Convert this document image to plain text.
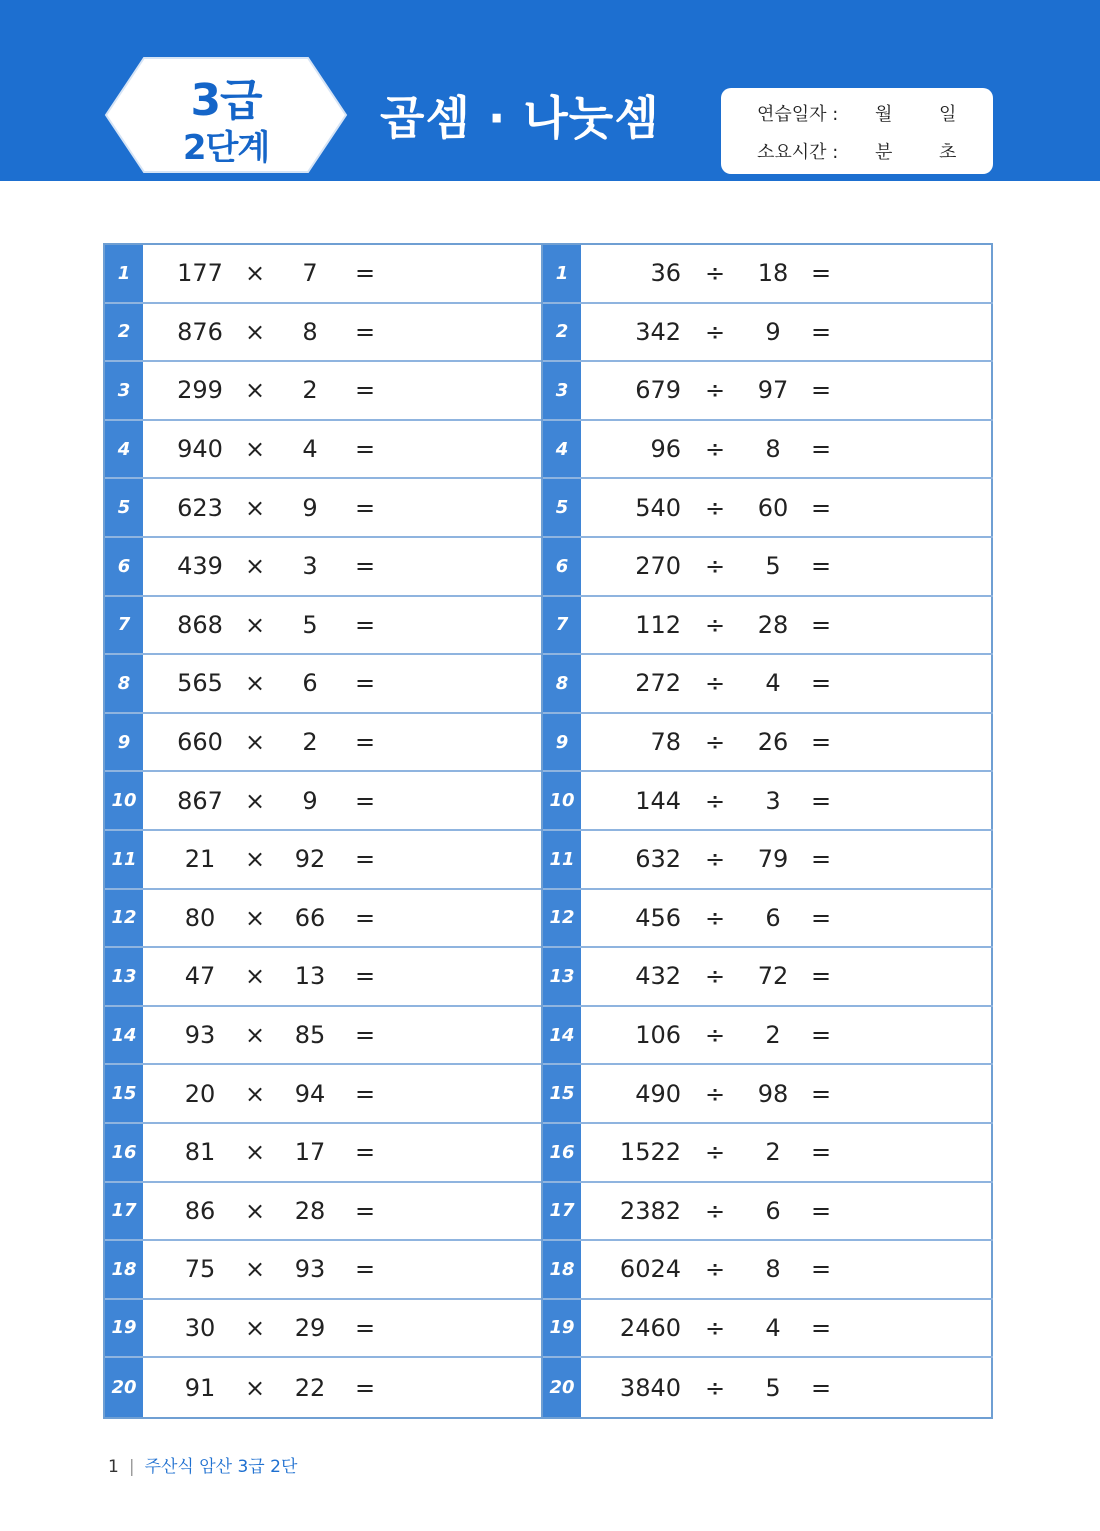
3급
2단계
곱셈 · 나눗셈	연습일자 : 월	일
소요시간 : 분	초
1	177 ×	7	=
2	876 ×	8	=
3	299 ×	2	=
4	940 ×	4	=
5	623 ×	9	=
6	439 ×	3	=
7	868 ×	5	=
8	565 ×	6	=
9	660 ×	2	=
10	867 ×	9	=
11	21	×	92	=
12	80	×	66	=
13	47	×	13	=
14	93	×	85	=
15	20	×	94	=
16	81	×	17	=
17	86	×	28	=
18	75	×	93	=
19	30	×	29	=
20	91	×	22	=
1	36 ÷	18 =
2	342 ÷	9	=
3	679 ÷	97 =
4	96 ÷	8	=
5	540 ÷	60 =
6	270 ÷	5	=
7	112 ÷	28 =
8	272 ÷	4	=
9	78 ÷	26 =
10	144 ÷	3	=
11	632 ÷	79 =
12	456 ÷	6	=
13	432 ÷	72 =
14	106 ÷	2	=
15	490 ÷	98 =
16	1522 ÷	2	=
17	2382 ÷	6	=
18	6024 ÷	8	=
19	2460 ÷	4	=
20	3840 ÷	5	=
1 | 주산식 암산 3급 2단
